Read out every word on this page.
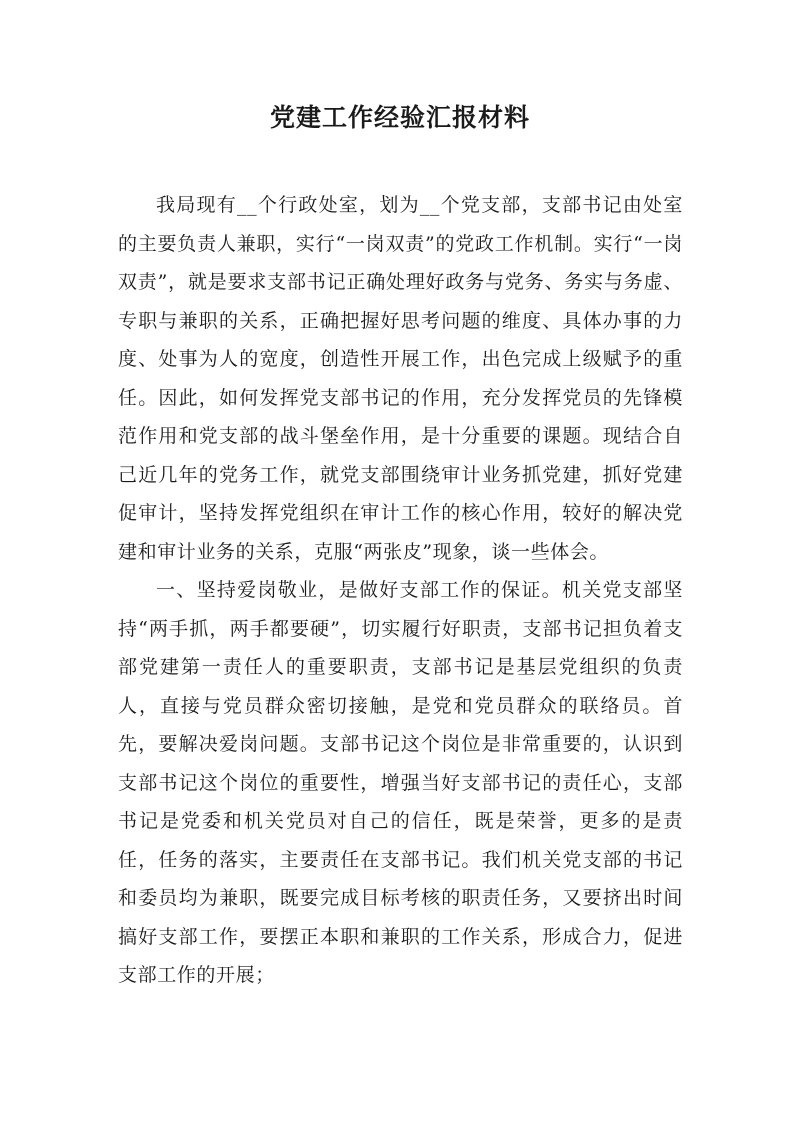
党建工作经验汇报材料

我局现有__个行政处室，划为__个党支部，支部书记由处室的主要负责人兼职，实行“一岗双责”的党政工作机制。实行“一岗双责”，就是要求支部书记正确处理好政务与党务、务实与务虚、专职与兼职的关系，正确把握好思考问题的维度、具体办事的力度、处事为人的宽度，创造性开展工作，出色完成上级赋予的重任。因此，如何发挥党支部书记的作用，充分发挥党员的先锋模范作用和党支部的战斗堡垒作用，是十分重要的课题。现结合自己近几年的党务工作，就党支部围绕审计业务抓党建，抓好党建促审计，坚持发挥党组织在审计工作的核心作用，较好的解决党建和审计业务的关系，克服“两张皮”现象，谈一些体会。

一、坚持爱岗敬业，是做好支部工作的保证。机关党支部坚持“两手抓，两手都要硬”，切实履行好职责，支部书记担负着支部党建第一责任人的重要职责，支部书记是基层党组织的负责人，直接与党员群众密切接触，是党和党员群众的联络员。首先，要解决爱岗问题。支部书记这个岗位是非常重要的，认识到支部书记这个岗位的重要性，增强当好支部书记的责任心，支部书记是党委和机关党员对自己的信任，既是荣誉，更多的是责任，任务的落实，主要责任在支部书记。我们机关党支部的书记和委员均为兼职，既要完成目标考核的职责任务，又要挤出时间搞好支部工作，要摆正本职和兼职的工作关系，形成合力，促进支部工作的开展；
